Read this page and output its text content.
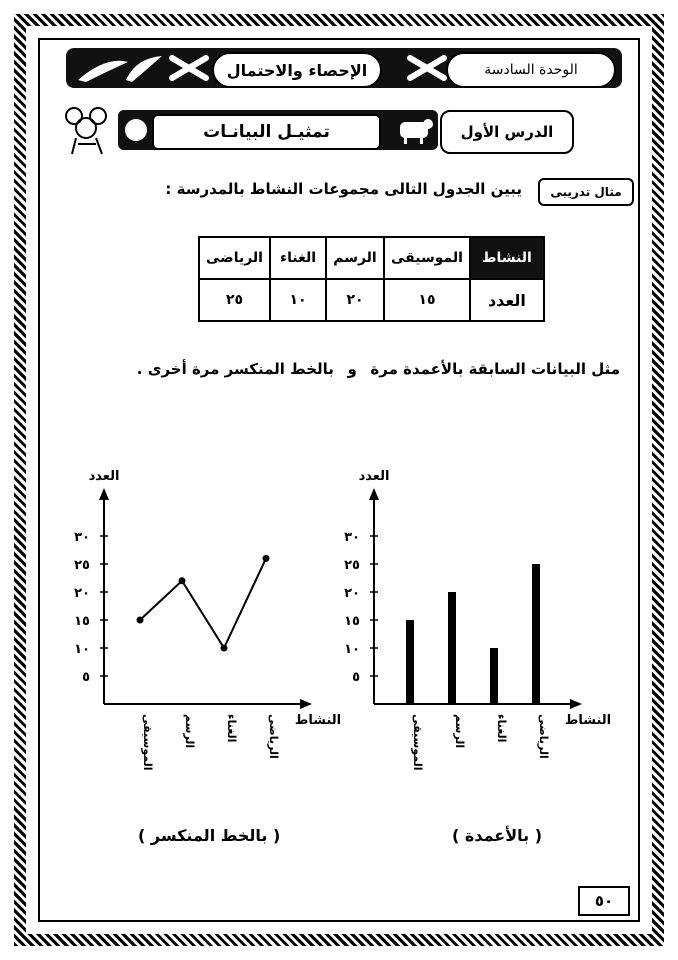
الإحصاء والاحتمال	الوحدة السادسة
تمثيـل البيانـات	الدرس الأول
مثال تدريبى
يبين الجدول التالى مجموعات النشاط بالمدرسة :
النشاط	الموسيقى	الرسم	الغناء	الرياضى
العدد	١٥	٢٠	١٠	٢٥
مثل البيانات السابقة بالأعمدة مرة و بالخط المنكسر مرة أخرى .
العدد
النشاط
٥
١٠
١٥
٢٠
٢٥
٣٠
الموسيقى	الرسم	الغناء	الرياضى
العدد
النشاط
٥
١٠
١٥
٢٠
٢٥
٣٠
الموسيقى	الرسم	الغناء	الرياضى
( بالأعمدة )
( بالخط المنكسر )
٥٠
